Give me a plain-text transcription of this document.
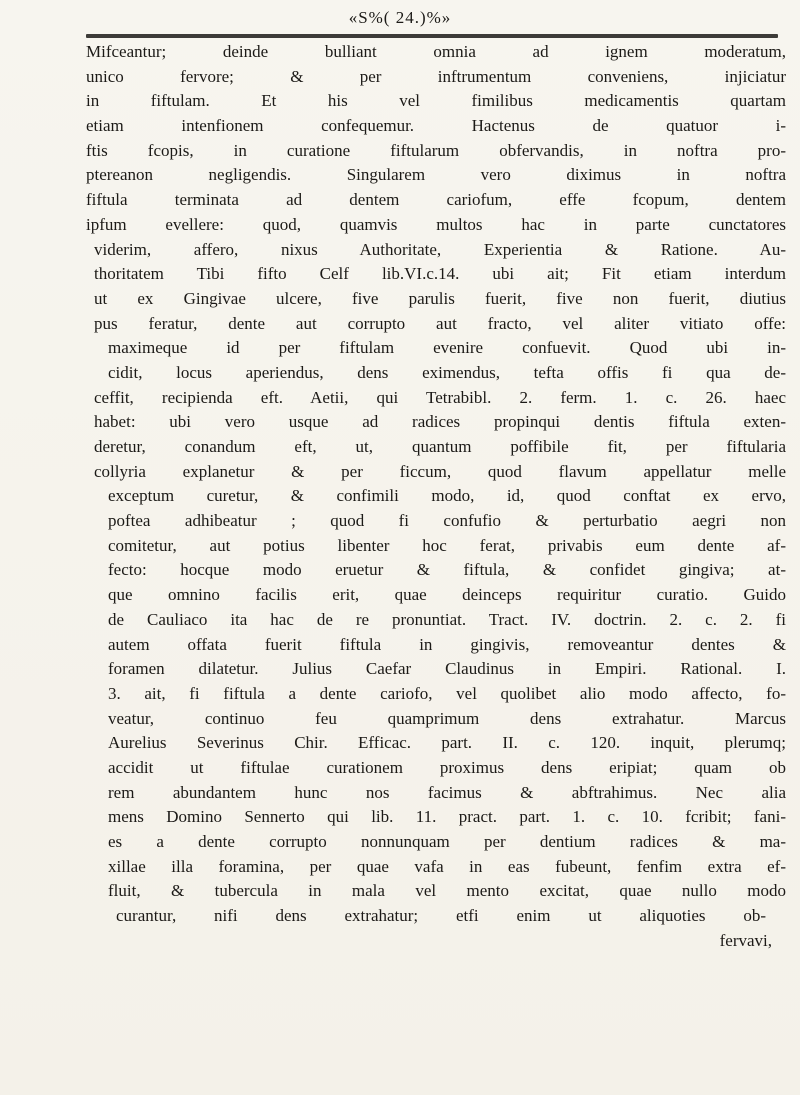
«S%( 24.)%»
Mifceantur; deinde bulliant omnia ad ignem moderatum,
unico fervore; & per inftrumentum conveniens, injiciatur
in fiftulam. Et his vel fimilibus medicamentis quartam
etiam intenfionem confequemur. Hactenus de quatuor i-
ftis fcopis, in curatione fiftularum obfervandis, in noftra pro-
ptereanon negligendis. Singularem vero diximus in noftra
fiftula terminata ad dentem cariofum, effe fcopum, dentem
ipfum evellere: quod, quamvis multos hac in parte cunctatores
viderim, affero, nixus Authoritate, Experientia & Ratione. Au-
thoritatem Tibi fifto Celf lib.VI.c.14. ubi ait; Fit etiam interdum
ut ex Gingivae ulcere, five parulis fuerit, five non fuerit, diutius
pus feratur, dente aut corrupto aut fracto, vel aliter vitiato offe:
maximeque id per fiftulam evenire confuevit. Quod ubi in-
cidit, locus aperiendus, dens eximendus, tefta offis fi qua de-
ceffit, recipienda eft. Aetii, qui Tetrabibl. 2. ferm. 1. c. 26. haec
habet: ubi vero usque ad radices propinqui dentis fiftula exten-
deretur, conandum eft, ut, quantum poffibile fit, per fiftularia
collyria explanetur & per ficcum, quod flavum appellatur melle
exceptum curetur, & confimili modo, id, quod conftat ex ervo,
poftea adhibeatur ; quod fi confufio & perturbatio aegri non
comitetur, aut potius libenter hoc ferat, privabis eum dente af-
fecto: hocque modo eruetur & fiftula, & confidet gingiva; at-
que omnino facilis erit, quae deinceps requiritur curatio. Guido
de Cauliaco ita hac de re pronuntiat. Tract. IV. doctrin. 2. c. 2. fi
autem offata fuerit fiftula in gingivis, removeantur dentes &
foramen dilatetur. Julius Caefar Claudinus in Empiri. Rational. I.
3. ait, fi fiftula a dente cariofo, vel quolibet alio modo affecto, fo-
veatur, continuo feu quamprimum dens extrahatur. Marcus
Aurelius Severinus Chir. Efficac. part. II. c. 120. inquit, plerumq;
accidit ut fiftulae curationem proximus dens eripiat; quam ob
rem abundantem hunc nos facimus & abftrahimus. Nec alia
mens Domino Sennerto qui lib. 11. pract. part. 1. c. 10. fcribit; fani-
es a dente corrupto nonnunquam per dentium radices & ma-
xillae illa foramina, per quae vafa in eas fubeunt, fenfim extra ef-
fluit, & tubercula in mala vel mento excitat, quae nullo modo
curantur, nifi dens extrahatur; etfi enim ut aliquoties ob-
fervavi,
